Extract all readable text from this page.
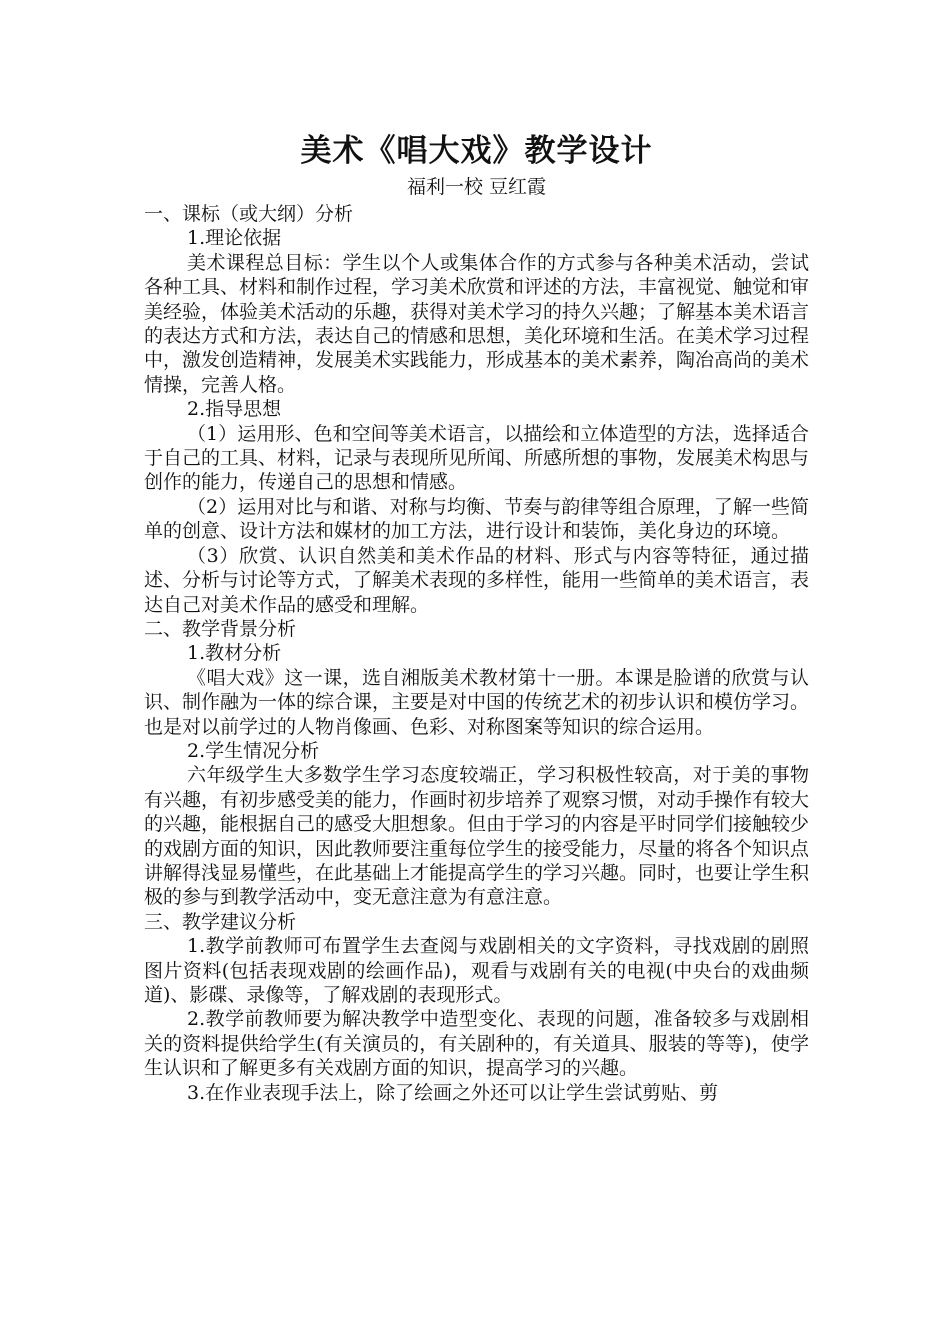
美术《唱大戏》教学设计

福利一校 豆红霞

一、课标（或大纲）分析

1.理论依据

美术课程总目标：学生以个人或集体合作的方式参与各种美术活动，尝试各种工具、材料和制作过程，学习美术欣赏和评述的方法，丰富视觉、触觉和审美经验，体验美术活动的乐趣，获得对美术学习的持久兴趣；了解基本美术语言的表达方式和方法，表达自己的情感和思想，美化环境和生活。在美术学习过程中，激发创造精神，发展美术实践能力，形成基本的美术素养，陶冶高尚的美术情操，完善人格。

2.指导思想

（1）运用形、色和空间等美术语言，以描绘和立体造型的方法，选择适合于自己的工具、材料，记录与表现所见所闻、所感所想的事物，发展美术构思与创作的能力，传递自己的思想和情感。

（2）运用对比与和谐、对称与均衡、节奏与韵律等组合原理，了解一些简单的创意、设计方法和媒材的加工方法，进行设计和装饰，美化身边的环境。

（3）欣赏、认识自然美和美术作品的材料、形式与内容等特征，通过描述、分析与讨论等方式，了解美术表现的多样性，能用一些简单的美术语言，表达自己对美术作品的感受和理解。

二、教学背景分析

1.教材分析

《唱大戏》这一课，选自湘版美术教材第十一册。本课是脸谱的欣赏与认识、制作融为一体的综合课，主要是对中国的传统艺术的初步认识和模仿学习。也是对以前学过的人物肖像画、色彩、对称图案等知识的综合运用。

2.学生情况分析

六年级学生大多数学生学习态度较端正，学习积极性较高，对于美的事物有兴趣，有初步感受美的能力，作画时初步培养了观察习惯，对动手操作有较大的兴趣，能根据自己的感受大胆想象。但由于学习的内容是平时同学们接触较少的戏剧方面的知识，因此教师要注重每位学生的接受能力，尽量的将各个知识点讲解得浅显易懂些，在此基础上才能提高学生的学习兴趣。同时，也要让学生积极的参与到教学活动中，变无意注意为有意注意。

三、教学建议分析

1.教学前教师可布置学生去查阅与戏剧相关的文字资料，寻找戏剧的剧照图片资料(包括表现戏剧的绘画作品)，观看与戏剧有关的电视(中央台的戏曲频道)、影碟、录像等，了解戏剧的表现形式。

2.教学前教师要为解决教学中造型变化、表现的问题，准备较多与戏剧相关的资料提供给学生(有关演员的，有关剧种的，有关道具、服装的等等)，使学生认识和了解更多有关戏剧方面的知识，提高学习的兴趣。

3.在作业表现手法上，除了绘画之外还可以让学生尝试剪贴、剪
